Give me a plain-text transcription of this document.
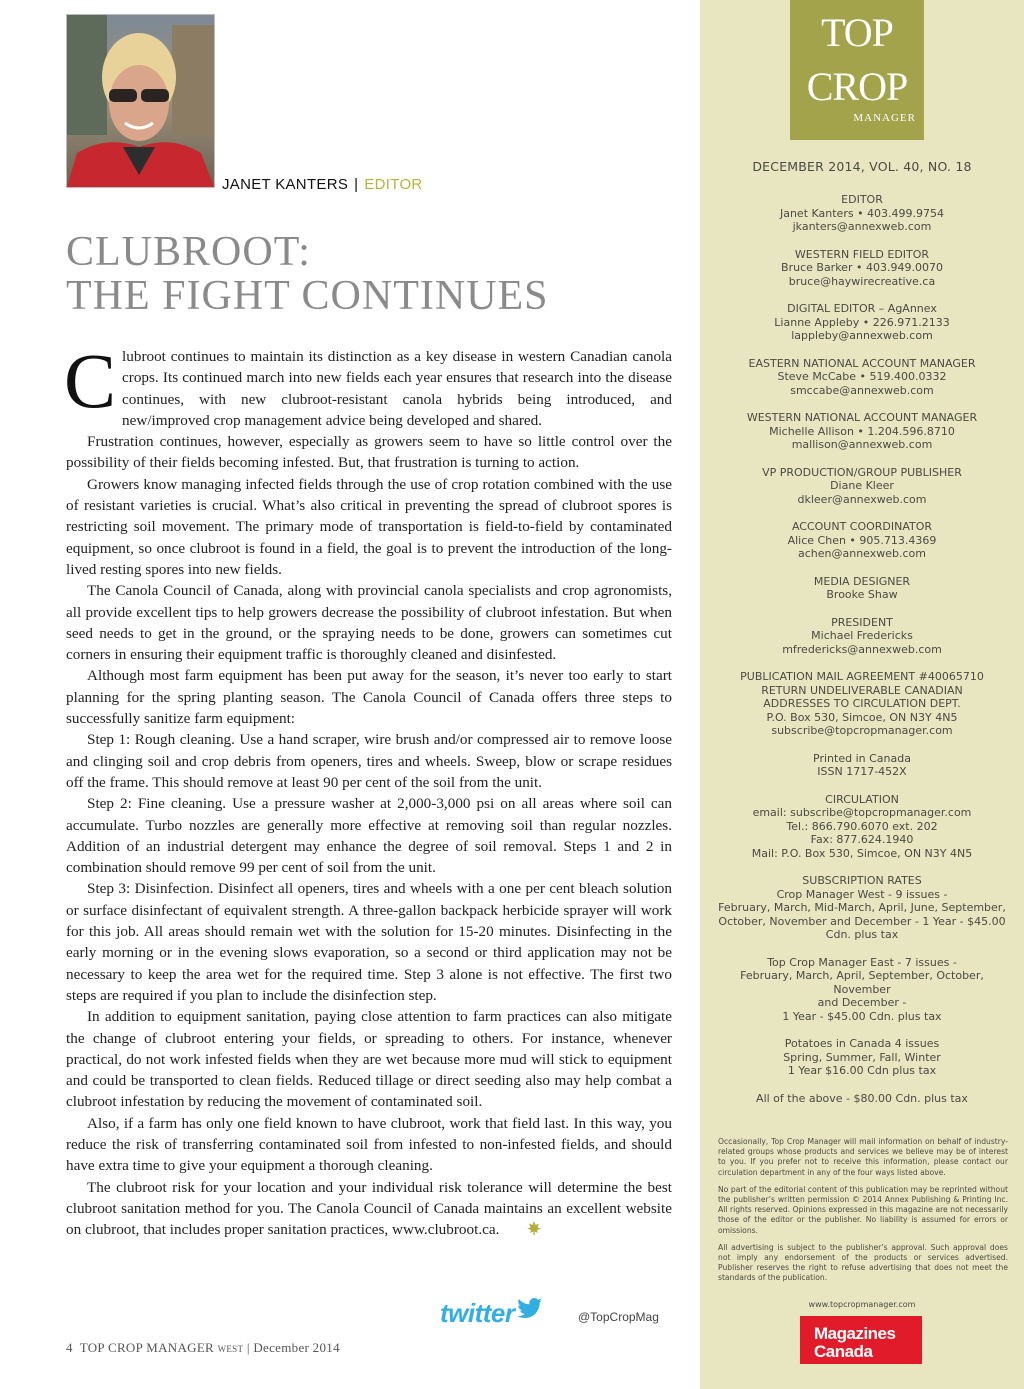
JANET KANTERS | EDITOR
CLUBROOT:
THE FIGHT CONTINUES

Clubroot continues to maintain its distinction as a key disease in western Canadian canola crops. Its continued march into new fields each year ensures that research into the disease continues, with new clubroot-resistant canola hybrids being introduced, and new/improved crop management advice being developed and shared.

Frustration continues, however, especially as growers seem to have so little control over the possibility of their fields becoming infested. But, that frustration is turning to action.

Growers know managing infected fields through the use of crop rotation combined with the use of resistant varieties is crucial. What’s also critical in preventing the spread of clubroot spores is restricting soil movement. The primary mode of transportation is field-to-field by contaminated equipment, so once clubroot is found in a field, the goal is to prevent the introduction of the long-lived resting spores into new fields.

The Canola Council of Canada, along with provincial canola specialists and crop agronomists, all provide excellent tips to help growers decrease the possibility of clubroot infestation. But when seed needs to get in the ground, or the spraying needs to be done, growers can sometimes cut corners in ensuring their equipment traffic is thoroughly cleaned and disinfested.

Although most farm equipment has been put away for the season, it’s never too early to start planning for the spring planting season. The Canola Council of Canada offers three steps to successfully sanitize farm equipment:

Step 1: Rough cleaning. Use a hand scraper, wire brush and/or compressed air to remove loose and clinging soil and crop debris from openers, tires and wheels. Sweep, blow or scrape residues off the frame. This should remove at least 90 per cent of the soil from the unit.

Step 2: Fine cleaning. Use a pressure washer at 2,000-3,000 psi on all areas where soil can accumulate. Turbo nozzles are generally more effective at removing soil than regular nozzles. Addition of an industrial detergent may enhance the degree of soil removal. Steps 1 and 2 in combination should remove 99 per cent of soil from the unit.

Step 3: Disinfection. Disinfect all openers, tires and wheels with a one per cent bleach solution or surface disinfectant of equivalent strength. A three-gallon backpack herbicide sprayer will work for this job. All areas should remain wet with the solution for 15-20 minutes. Disinfecting in the early morning or in the evening slows evaporation, so a second or third application may not be necessary to keep the area wet for the required time. Step 3 alone is not effective. The first two steps are required if you plan to include the disinfection step.

In addition to equipment sanitation, paying close attention to farm practices can also mitigate the change of clubroot entering your fields, or spreading to others. For instance, whenever practical, do not work infested fields when they are wet because more mud will stick to equipment and could be transported to clean fields. Reduced tillage or direct seeding also may help combat a clubroot infestation by reducing the movement of contaminated soil.

Also, if a farm has only one field known to have clubroot, work that field last. In this way, you reduce the risk of transferring contaminated soil from infested to non-infested fields, and should have extra time to give your equipment a thorough cleaning.

The clubroot risk for your location and your individual risk tolerance will determine the best clubroot sanitation method for you. The Canola Council of Canada maintains an excellent website on clubroot, that includes proper sanitation practices, www.clubroot.ca.

twitter	@TopCropMag
4 TOP CROP MANAGER WEST | December 2014
TOP
CROP
MANAGER
DECEMBER 2014, VOL. 40, NO. 18
EDITOR
Janet Kanters • 403.499.9754
jkanters@annexweb.com
WESTERN FIELD EDITOR
Bruce Barker • 403.949.0070
bruce@haywirecreative.ca
DIGITAL EDITOR – AgAnnex
Lianne Appleby • 226.971.2133
lappleby@annexweb.com
EASTERN NATIONAL ACCOUNT MANAGER
Steve McCabe • 519.400.0332
smccabe@annexweb.com
WESTERN NATIONAL ACCOUNT MANAGER
Michelle Allison • 1.204.596.8710
mallison@annexweb.com
VP PRODUCTION/GROUP PUBLISHER
Diane Kleer
dkleer@annexweb.com
ACCOUNT COORDINATOR
Alice Chen • 905.713.4369
achen@annexweb.com
MEDIA DESIGNER
Brooke Shaw
PRESIDENT
Michael Fredericks
mfredericks@annexweb.com
PUBLICATION MAIL AGREEMENT #40065710
RETURN UNDELIVERABLE CANADIAN
ADDRESSES TO CIRCULATION DEPT.
P.O. Box 530, Simcoe, ON N3Y 4N5
subscribe@topcropmanager.com
Printed in Canada
ISSN 1717-452X
CIRCULATION
email: subscribe@topcropmanager.com
Tel.: 866.790.6070 ext. 202
Fax: 877.624.1940
Mail: P.O. Box 530, Simcoe, ON N3Y 4N5
SUBSCRIPTION RATES
Crop Manager West - 9 issues -
February, March, Mid-March, April, June, September,
October, November and December - 1 Year - $45.00
Cdn. plus tax
Top Crop Manager East - 7 issues -
February, March, April, September, October, November
and December -
1 Year - $45.00 Cdn. plus tax
Potatoes in Canada 4 issues
Spring, Summer, Fall, Winter
1 Year $16.00 Cdn plus tax
All of the above - $80.00 Cdn. plus tax

Occasionally, Top Crop Manager will mail information on behalf of industry-related groups whose products and services we believe may be of interest to you. If you prefer not to receive this information, please contact our circulation department in any of the four ways listed above.

No part of the editorial content of this publication may be reprinted without the publisher’s written permission © 2014 Annex Publishing & Printing Inc. All rights reserved. Opinions expressed in this magazine are not necessarily those of the editor or the publisher. No liability is assumed for errors or omissions.

All advertising is subject to the publisher’s approval. Such approval does not imply any endorsement of the products or services advertised. Publisher reserves the right to refuse advertising that does not meet the standards of the publication.

www.topcropmanager.com
Magazines
Canada
